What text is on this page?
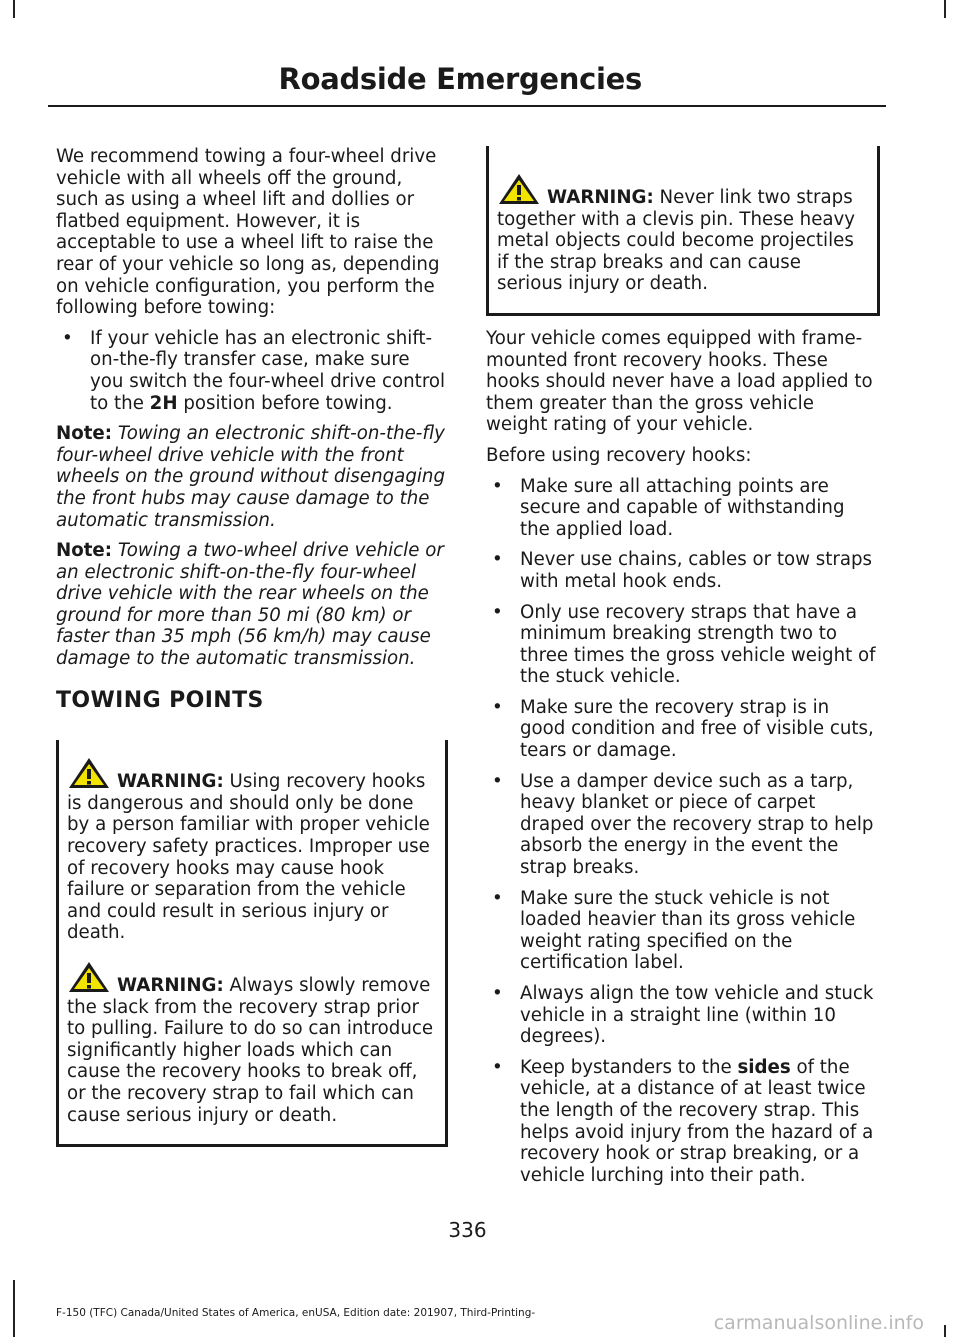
Roadside Emergencies

We recommend towing a four-wheel drive vehicle with all wheels off the ground, such as using a wheel lift and dollies or flatbed equipment. However, it is acceptable to use a wheel lift to raise the rear of your vehicle so long as, depending on vehicle configuration, you perform the following before towing:

• If your vehicle has an electronic shift-on-the-fly transfer case, make sure you switch the four-wheel drive control to the 2H position before towing.

Note: Towing an electronic shift-on-the-fly four-wheel drive vehicle with the front wheels on the ground without disengaging the front hubs may cause damage to the automatic transmission.

Note: Towing a two-wheel drive vehicle or an electronic shift-on-the-fly four-wheel drive vehicle with the rear wheels on the ground for more than 50 mi (80 km) or faster than 35 mph (56 km/h) may cause damage to the automatic transmission.

TOWING POINTS

WARNING: Using recovery hooks is dangerous and should only be done by a person familiar with proper vehicle recovery safety practices. Improper use of recovery hooks may cause hook failure or separation from the vehicle and could result in serious injury or death.

WARNING: Always slowly remove the slack from the recovery strap prior to pulling. Failure to do so can introduce significantly higher loads which can cause the recovery hooks to break off, or the recovery strap to fail which can cause serious injury or death.

WARNING: Never link two straps together with a clevis pin. These heavy metal objects could become projectiles if the strap breaks and can cause serious injury or death.

Your vehicle comes equipped with frame-mounted front recovery hooks. These hooks should never have a load applied to them greater than the gross vehicle weight rating of your vehicle.

Before using recovery hooks:

• Make sure all attaching points are secure and capable of withstanding the applied load.
• Never use chains, cables or tow straps with metal hook ends.
• Only use recovery straps that have a minimum breaking strength two to three times the gross vehicle weight of the stuck vehicle.
• Make sure the recovery strap is in good condition and free of visible cuts, tears or damage.
• Use a damper device such as a tarp, heavy blanket or piece of carpet draped over the recovery strap to help absorb the energy in the event the strap breaks.
• Make sure the stuck vehicle is not loaded heavier than its gross vehicle weight rating specified on the certification label.
• Always align the tow vehicle and stuck vehicle in a straight line (within 10 degrees).
• Keep bystanders to the sides of the vehicle, at a distance of at least twice the length of the recovery strap. This helps avoid injury from the hazard of a recovery hook or strap breaking, or a vehicle lurching into their path.
336
F-150 (TFC) Canada/United States of America, enUSA, Edition date: 201907, Third-Printing-	carmanualsonline.info
